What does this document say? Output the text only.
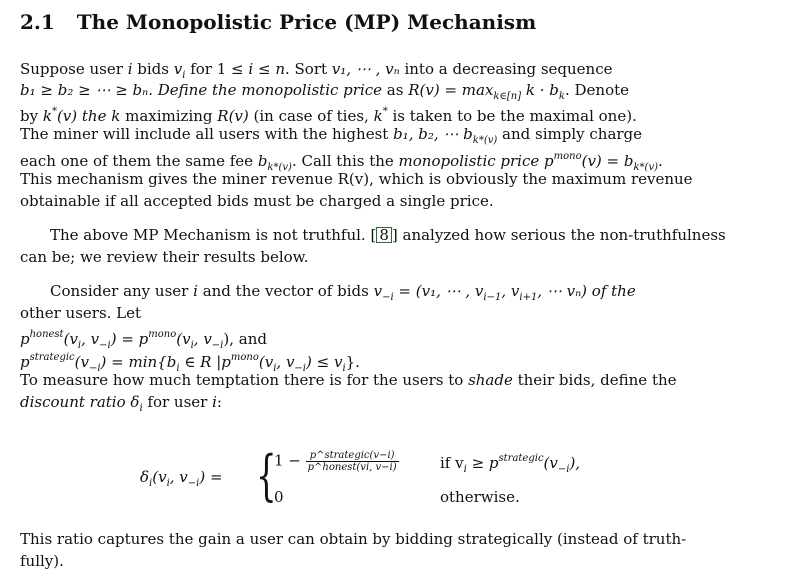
2.1 The Monopolistic Price (MP) Mechanism
Suppose user i bids $v_i$ for 1 ≤ i ≤ n. Sort v₁, ⋯ , vₙ into a decreasing sequence
b₁ ≥ b₂ ≥ ⋯ ≥ bₙ. Define the monopolistic price as $R(v) = \max_{k\in[n]} k \cdot b_k$. Denote
by k*(v) the k maximizing R(v) (in case of ties, k* is taken to be the maximal one).
The miner will include all users with the highest b₁, b₂, ⋯ $b_{k*(v)}$ and simply charge
each one of them the same fee $b_{k*(v)}$. Call this the monopolistic price $p^{mono}(v) = b_{k*(v)}$.
This mechanism gives the miner revenue R(v), which is obviously the maximum revenue
obtainable if all accepted bids must be charged a single price.
The above MP Mechanism is not truthful. [ 8 ] analyzed how serious the non-truthfulness
can be; we review their results below.
Consider any user i and the vector of bids $v_{-i} = (v_1$, ⋯ , $v_{i-1}$, $v_{i+1}$, ⋯ vₙ) of the
other users. Let
$p^{honest}(v_i$, $v_{-i}) = p^{mono}(v_i$, $v_{-i}$), and
$p^{strategic}(v_{-i}) = \min\{b_i$ ∈ R $|p^{mono}(v_i$, $v_{-i}) \le v_i$}.
To measure how much temptation there is for the users to shade their bids, define the
discount ratio $\delta_i$ for user i:
$\delta_i(v_i$, $v_{-i}$) = {
$1 - \frac{\text{p\textasciicircum{}strategic(v−i)}}{\text{p\textasciicircum{}honest(vi, v−i)}}$	if $v_i \ge p^{strategic}(v_{-i})$,
0	otherwise.
This ratio captures the gain a user can obtain by bidding strategically (instead of truth-
fully).
